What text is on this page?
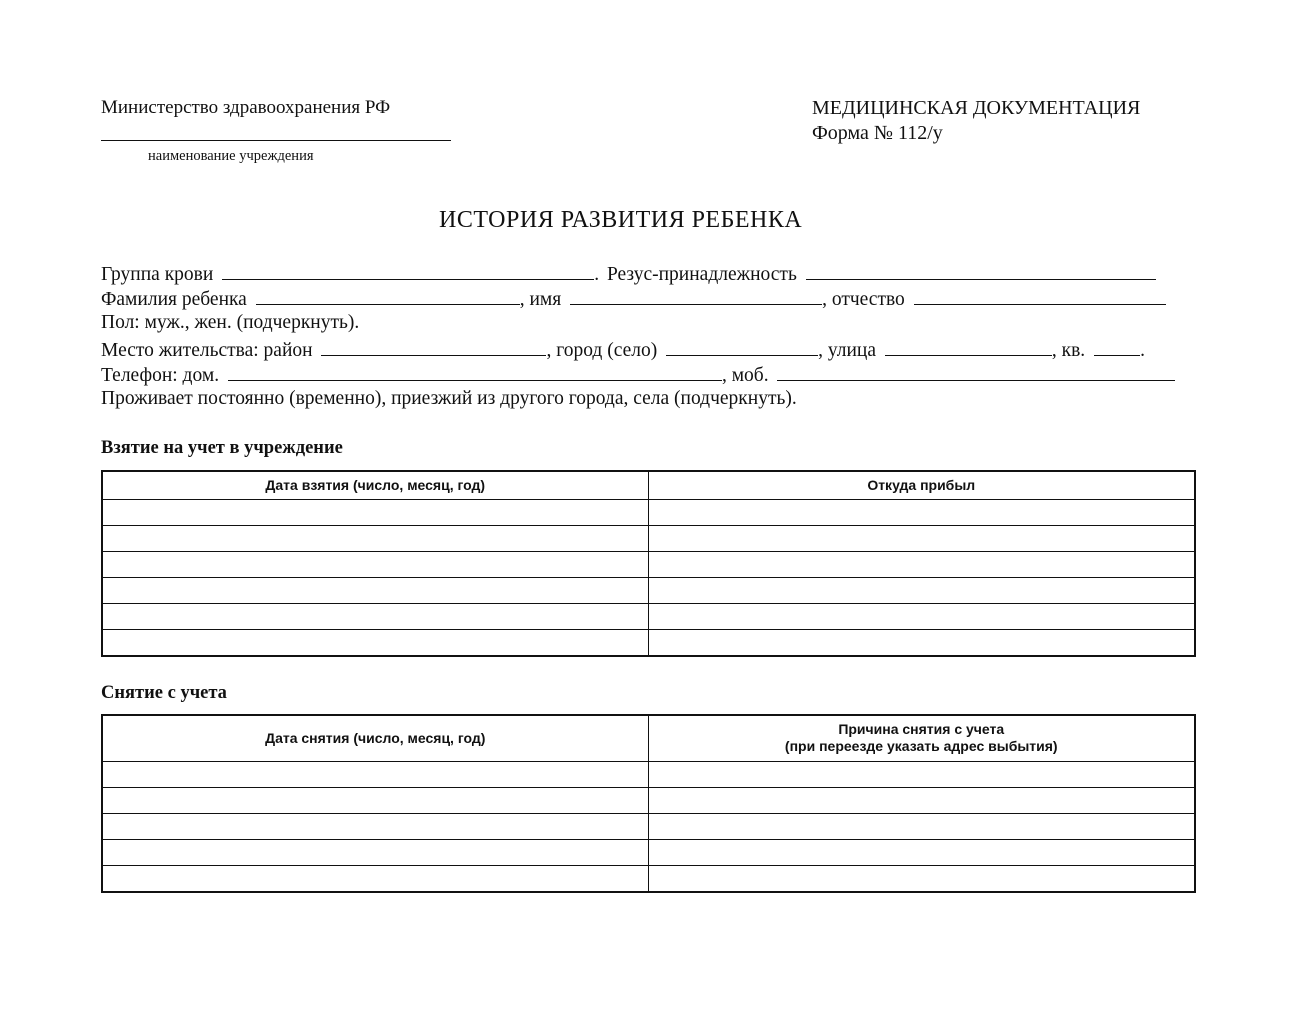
Министерство здравоохранения РФ
наименование учреждения
МЕДИЦИНСКАЯ ДОКУМЕНТАЦИЯ
Форма № 112/у
ИСТОРИЯ РАЗВИТИЯ РЕБЕНКА
Группа крови	. Резус-принадлежность
Фамилия ребенка	, имя	, отчество
Пол: муж., жен. (подчеркнуть).
Место жительства: район	, город (село)	, улица	, кв.	.
Телефон: дом.	, моб.
Проживает постоянно (временно), приезжий из другого города, села (подчеркнуть).
Взятие на учет в учреждение
Дата взятия (число, месяц, год)	Откуда прибыл

Снятие с учета
Дата снятия (число, месяц, год)	Причина снятия с учета
(при переезде указать адрес выбытия)
